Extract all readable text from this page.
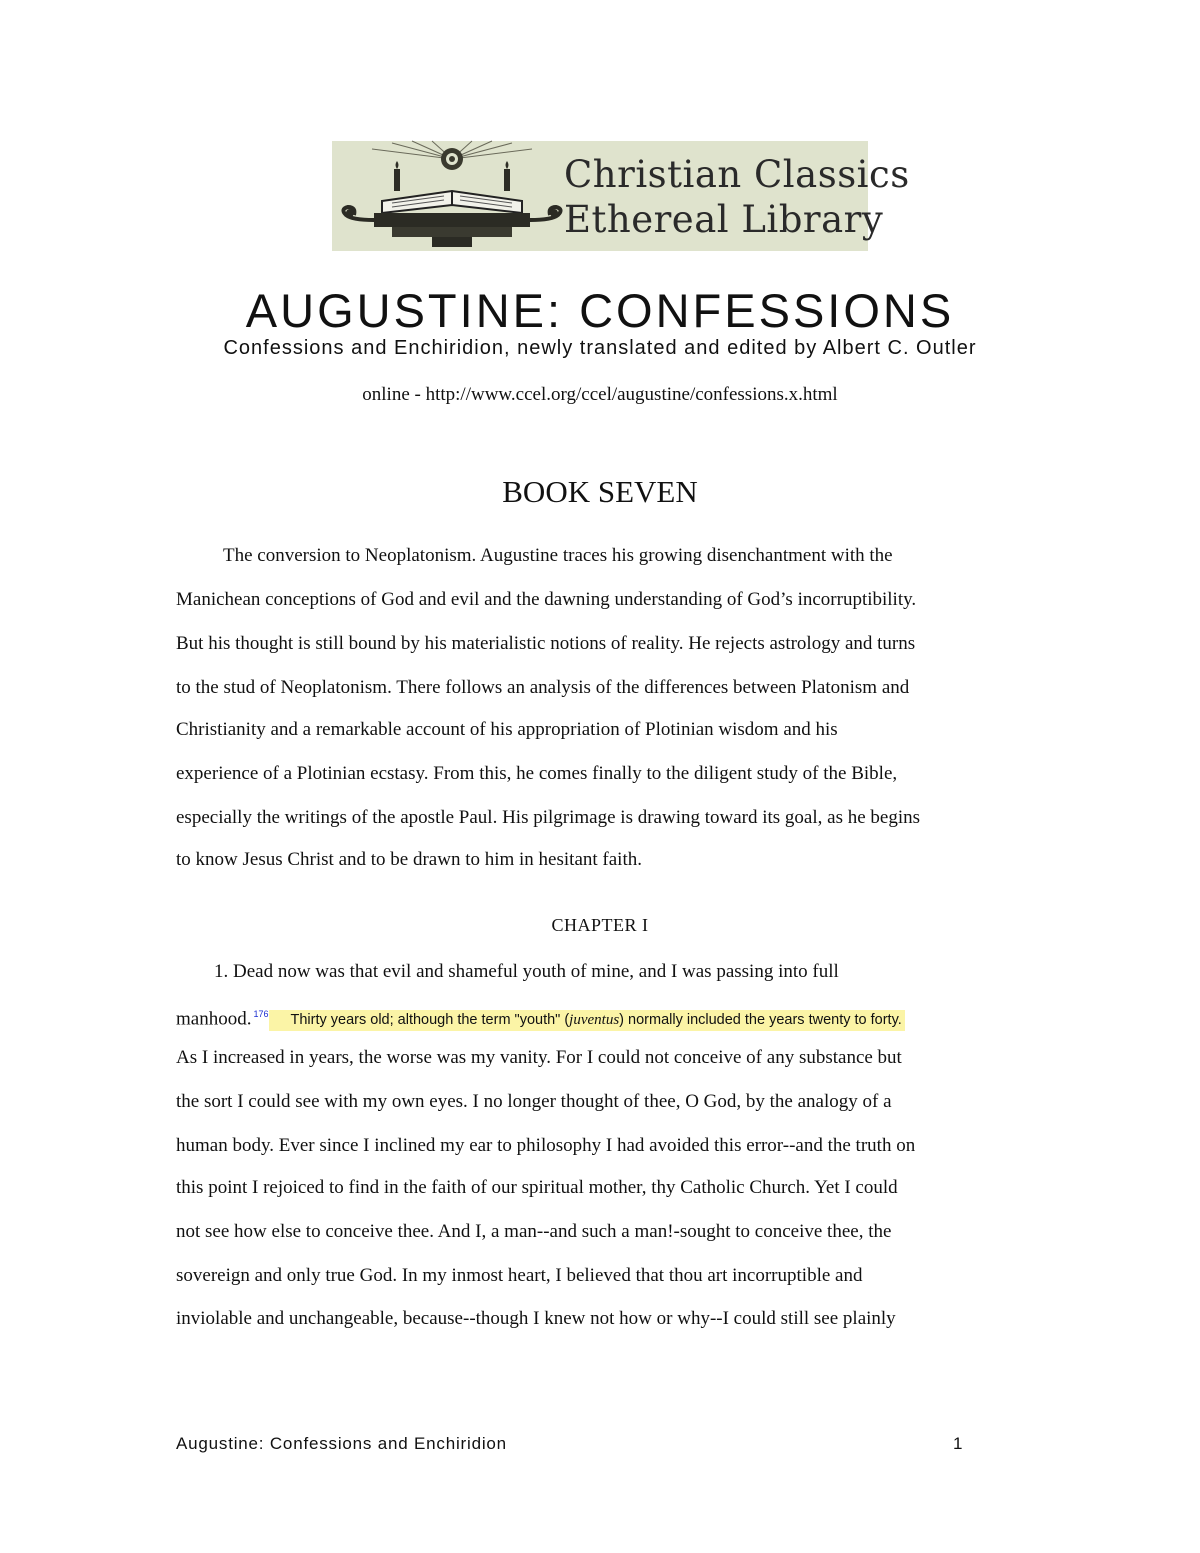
Christian Classics
Ethereal Library
AUGUSTINE: CONFESSIONS
Confessions and Enchiridion, newly translated and edited by Albert C. Outler
online - http://www.ccel.org/ccel/augustine/confessions.x.html
BOOK SEVEN
The conversion to Neoplatonism. Augustine traces his growing disenchantment with the
Manichean conceptions of God and evil and the dawning understanding of God’s incorruptibility.
But his thought is still bound by his materialistic notions of reality. He rejects astrology and turns
to the stud of Neoplatonism. There follows an analysis of the differences between Platonism and
Christianity and a remarkable account of his appropriation of Plotinian wisdom and his
experience of a Plotinian ecstasy. From this, he comes finally to the diligent study of the Bible,
especially the writings of the apostle Paul. His pilgrimage is drawing toward its goal, as he begins
to know Jesus Christ and to be drawn to him in hesitant faith.
CHAPTER I
1. Dead now was that evil and shameful youth of mine, and I was passing into full
manhood. $^{176}$ Thirty years old; although the term "youth" (juventus) normally included the years twenty to forty.
As I increased in years, the worse was my vanity. For I could not conceive of any substance but
the sort I could see with my own eyes. I no longer thought of thee, O God, by the analogy of a
human body. Ever since I inclined my ear to philosophy I had avoided this error--and the truth on
this point I rejoiced to find in the faith of our spiritual mother, thy Catholic Church. Yet I could
not see how else to conceive thee. And I, a man--and such a man!-sought to conceive thee, the
sovereign and only true God. In my inmost heart, I believed that thou art incorruptible and
inviolable and unchangeable, because--though I knew not how or why--I could still see plainly
Augustine: Confessions and Enchiridion	1
